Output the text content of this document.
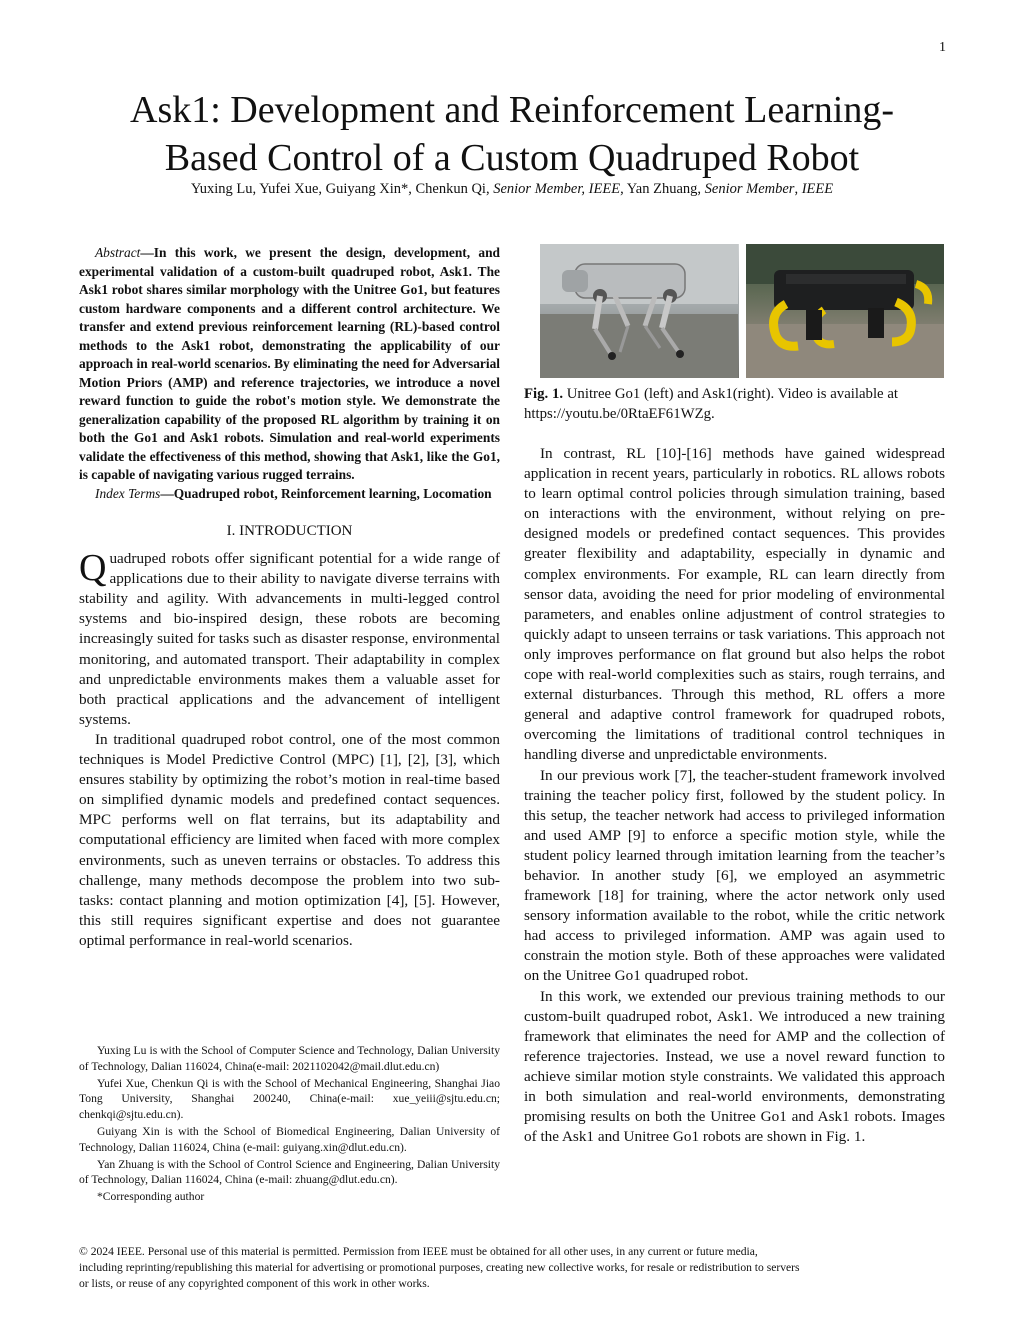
1
Ask1: Development and Reinforcement Learning-
Based Control of a Custom Quadruped Robot
Yuxing Lu, Yufei Xue, Guiyang Xin*, Chenkun Qi, Senior Member, IEEE, Yan Zhuang, Senior Member, IEEE

Abstract—In this work, we present the design, development, and experimental validation of a custom-built quadruped robot, Ask1. The Ask1 robot shares similar morphology with the Unitree Go1, but features custom hardware components and a different control architecture. We transfer and extend previous reinforcement learning (RL)-based control methods to the Ask1 robot, demonstrating the applicability of our approach in real-world scenarios. By eliminating the need for Adversarial Motion Priors (AMP) and reference trajectories, we introduce a novel reward function to guide the robot's motion style. We demonstrate the generalization capability of the proposed RL algorithm by training it on both the Go1 and Ask1 robots. Simulation and real-world experiments validate the effectiveness of this method, showing that Ask1, like the Go1, is capable of navigating various rugged terrains.

Index Terms—Quadruped robot, Reinforcement learning, Locomation

I. INTRODUCTION

Quadruped robots offer significant potential for a wide range of applications due to their ability to navigate diverse terrains with stability and agility. With advancements in multi-legged control systems and bio-inspired design, these robots are becoming increasingly suited for tasks such as disaster response, environmental monitoring, and automated transport. Their adaptability in complex and unpredictable environments makes them a valuable asset for both practical applications and the advancement of intelligent systems.

In traditional quadruped robot control, one of the most common techniques is Model Predictive Control (MPC) [1], [2], [3], which ensures stability by optimizing the robot’s motion in real-time based on simplified dynamic models and predefined contact sequences. MPC performs well on flat terrains, but its adaptability and computational efficiency are limited when faced with more complex environments, such as uneven terrains or obstacles. To address this challenge, many methods decompose the problem into two sub-tasks: contact planning and motion optimization [4], [5]. However, this still requires significant expertise and does not guarantee optimal performance in real-world scenarios.

Yuxing Lu is with the School of Computer Science and Technology, Dalian University of Technology, Dalian 116024, China(e-mail: 2021102042@mail.dlut.edu.cn)

Yufei Xue, Chenkun Qi is with the School of Mechanical Engineering, Shanghai Jiao Tong University, Shanghai 200240, China(e-mail: xue_yeiii@sjtu.edu.cn; chenkqi@sjtu.edu.cn).

Guiyang Xin is with the School of Biomedical Engineering, Dalian University of Technology, Dalian 116024, China (e-mail: guiyang.xin@dlut.edu.cn).

Yan Zhuang is with the School of Control Science and Engineering, Dalian University of Technology, Dalian 116024, China (e-mail: zhuang@dlut.edu.cn).

*Corresponding author

Fig. 1. Unitree Go1 (left) and Ask1(right). Video is available at https://youtu.be/0RtaEF61WZg.

In contrast, RL [10]-[16] methods have gained widespread application in recent years, particularly in robotics. RL allows robots to learn optimal control policies through simulation training, based on interactions with the environment, without relying on pre-designed models or predefined contact sequences. This provides greater flexibility and adaptability, especially in dynamic and complex environments. For example, RL can learn directly from sensor data, avoiding the need for prior modeling of environmental parameters, and enables online adjustment of control strategies to quickly adapt to unseen terrains or task variations. This approach not only improves performance on flat ground but also helps the robot cope with real-world complexities such as stairs, rough terrains, and external disturbances. Through this method, RL offers a more general and adaptive control framework for quadruped robots, overcoming the limitations of traditional control techniques in handling diverse and unpredictable environments.

In our previous work [7], the teacher-student framework involved training the teacher policy first, followed by the student policy. In this setup, the teacher network had access to privileged information and used AMP [9] to enforce a specific motion style, while the student policy learned through imitation learning from the teacher’s behavior. In another study [6], we employed an asymmetric framework [18] for training, where the actor network only used sensory information available to the robot, while the critic network had access to privileged information. AMP was again used to constrain the motion style. Both of these approaches were validated on the Unitree Go1 quadruped robot.

In this work, we extended our previous training methods to our custom-built quadruped robot, Ask1. We introduced a new training framework that eliminates the need for AMP and the collection of reference trajectories. Instead, we use a novel reward function to achieve similar motion style constraints. We validated this approach in both simulation and real-world environments, demonstrating promising results on both the Unitree Go1 and Ask1 robots. Images of the Ask1 and Unitree Go1 robots are shown in Fig. 1.

© 2024 IEEE. Personal use of this material is permitted. Permission from IEEE must be obtained for all other uses, in any current or future media,
including reprinting/republishing this material for advertising or promotional purposes, creating new collective works, for resale or redistribution to servers
or lists, or reuse of any copyrighted component of this work in other works.
